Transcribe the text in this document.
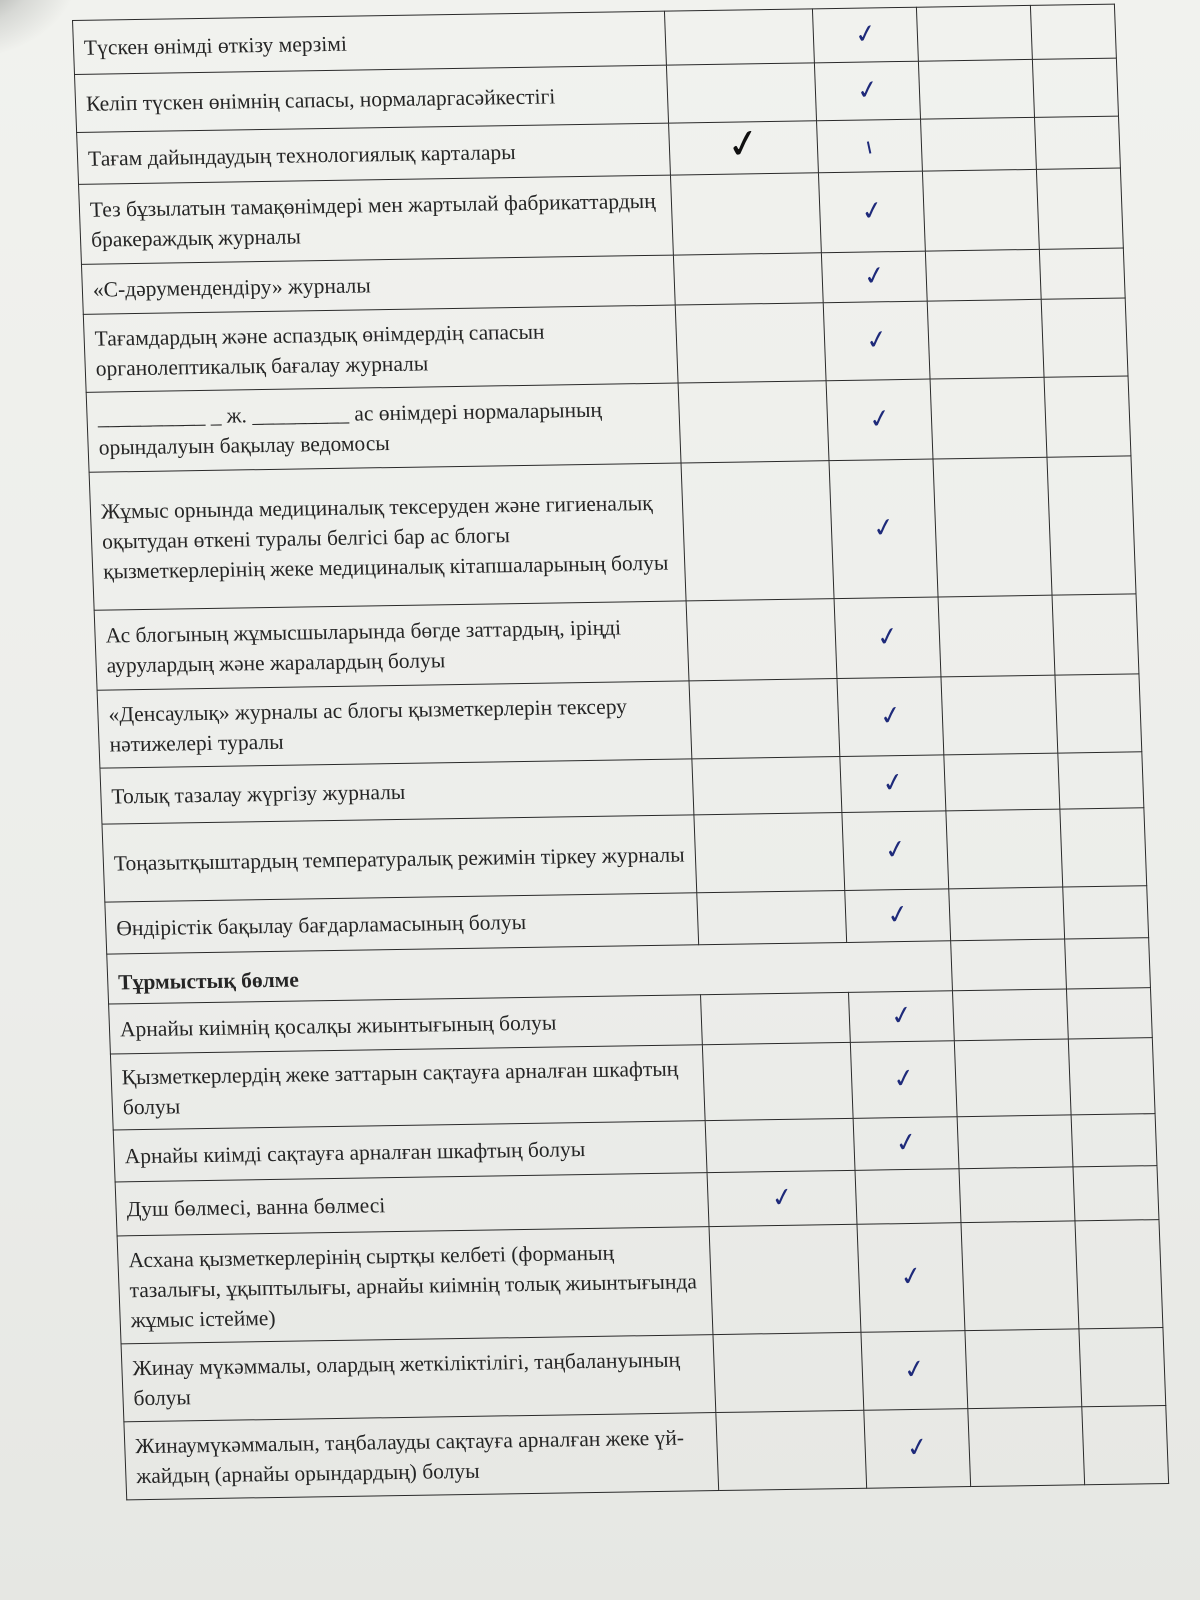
Түскен өнімді өткізу мерзімі		✓		
Келіп түскен өнімнің сапасы, нормаларгасәйкестігі		✓		
Тағам дайындаудың технологиялық карталары	✓	ı		
Тез бұзылатын тамақөнімдері мен жартылай фабрикаттардың бракераждық журналы		✓		
«С-дәрумендендіру» журналы		✓		
Тағамдардың және аспаздық өнімдердің сапасын органолептикалық бағалау журналы		✓		
__________ _ ж. _________ ас өнімдері нормаларының орындалуын бақылау ведомосы		✓		
Жұмыс орнында медициналық тексеруден және гигиеналық оқытудан өткені туралы белгісі бар ас блогы қызметкерлерінің жеке медициналық кітапшаларының болуы		✓		
Ас блогының жұмысшыларында бөгде заттардың, іріңді аурулардың және жаралардың болуы		✓		
«Денсаулық» журналы ас блогы қызметкерлерін тексеру нәтижелері туралы		✓		
Толық тазалау жүргізу журналы		✓		
Тоңазытқыштардың температуралық режимін тіркеу журналы		✓		
Өндірістік бақылау бағдарламасының болуы		✓		
Тұрмыстық бөлме				
Арнайы киімнің қосалқы жиынтығының болуы		✓		
Қызметкерлердің жеке заттарын сақтауға арналған шкафтың болуы		✓		
Арнайы киімді сақтауға арналған шкафтың болуы		✓		
Душ бөлмесі, ванна бөлмесі	✓			
Асхана қызметкерлерінің сыртқы келбеті (форманың тазалығы, ұқыптылығы, арнайы киімнің толық жиынтығында жұмыс істейме)		✓		
Жинау мүкәммалы, олардың жеткіліктілігі, таңбалануының болуы		✓		
Жинаумүкәммалын, таңбалауды сақтауға арналған жеке үй-жайдың (арнайы орындардың) болуы		✓		
